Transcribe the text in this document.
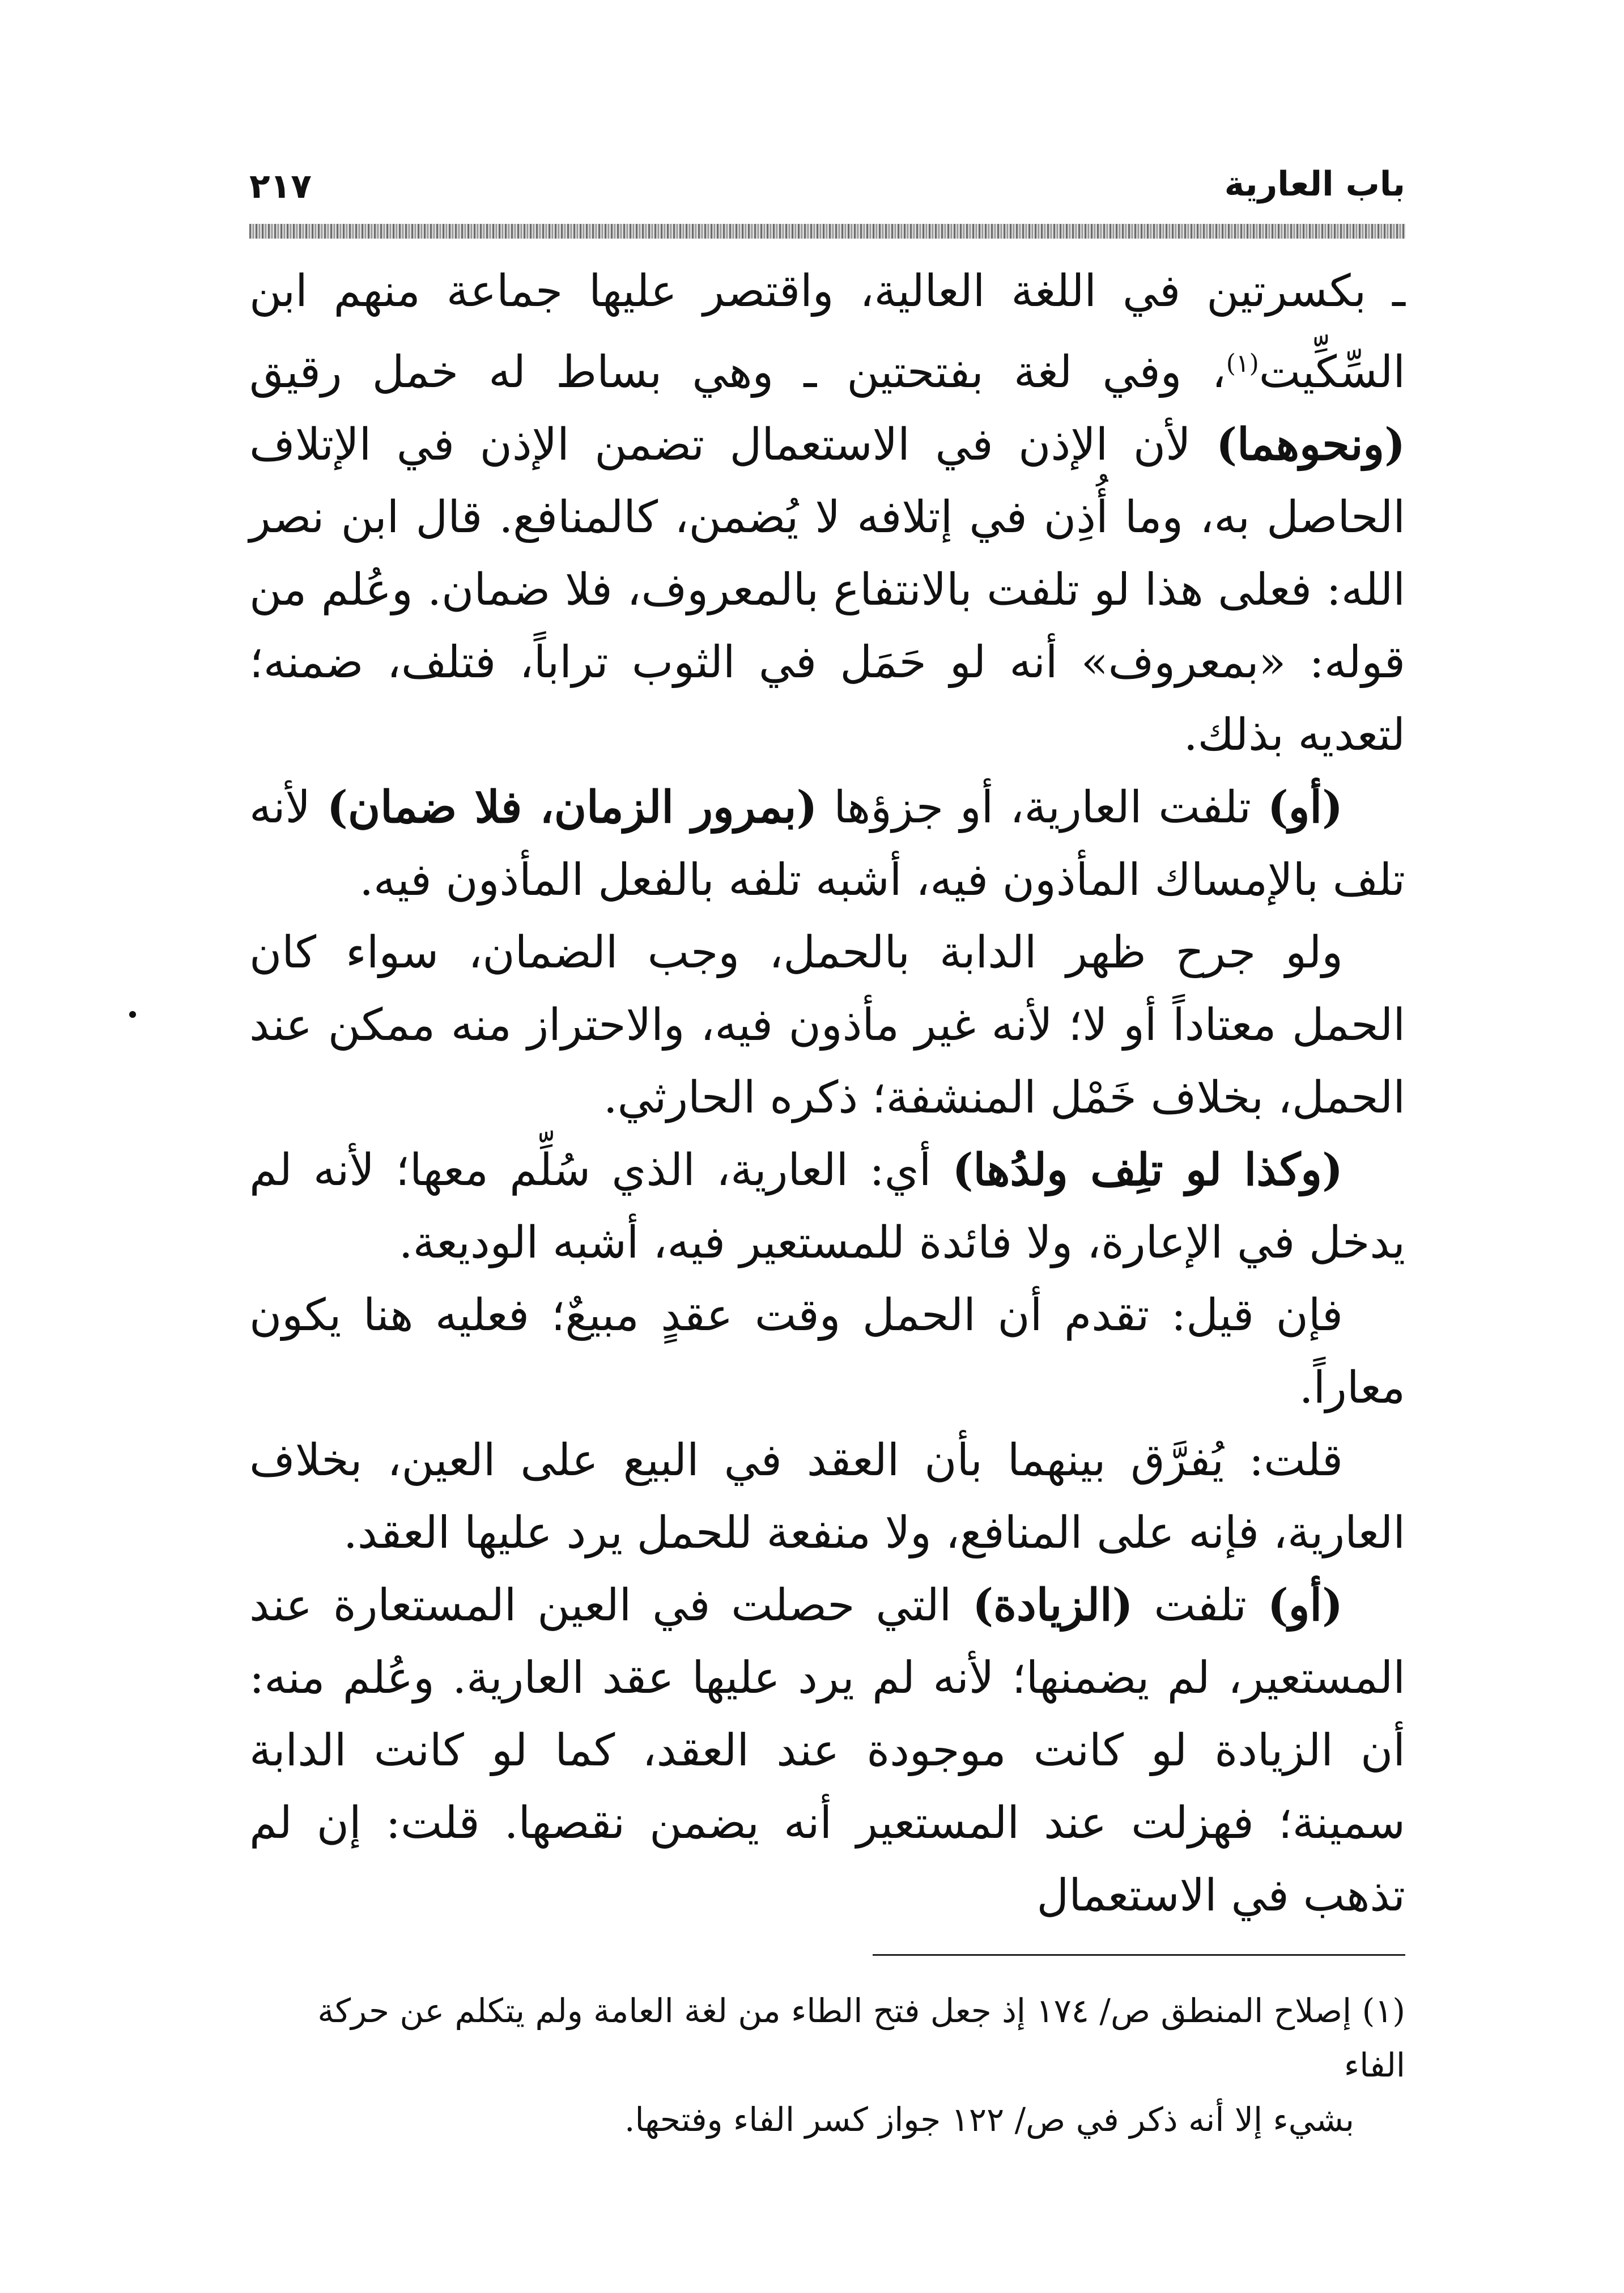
باب العارية
٢١٧

ـ بكسرتين في اللغة العالية، واقتصر عليها جماعة منهم ابن السِّكِّيت$^{(١)}$، وفي لغة بفتحتين ـ وهي بساط له خمل رقيق (ونحوهما) لأن الإذن في الاستعمال تضمن الإذن في الإتلاف الحاصل به، وما أُذِن في إتلافه لا يُضمن، كالمنافع. قال ابن نصر الله: فعلى هذا لو تلفت بالانتفاع بالمعروف، فلا ضمان. وعُلم من قوله: «بمعروف» أنه لو حَمَل في الثوب تراباً، فتلف، ضمنه؛ لتعديه بذلك.

(أو) تلفت العارية، أو جزؤها (بمرور الزمان، فلا ضمان) لأنه تلف بالإمساك المأذون فيه، أشبه تلفه بالفعل المأذون فيه.

ولو جرح ظهر الدابة بالحمل، وجب الضمان، سواء كان الحمل معتاداً أو لا؛ لأنه غير مأذون فيه، والاحتراز منه ممكن عند الحمل، بخلاف خَمْل المنشفة؛ ذكره الحارثي.

(وكذا لو تلِف ولدُها) أي: العارية، الذي سُلِّم معها؛ لأنه لم يدخل في الإعارة، ولا فائدة للمستعير فيه، أشبه الوديعة.

فإن قيل: تقدم أن الحمل وقت عقدٍ مبيعٌ؛ فعليه هنا يكون معاراً.

قلت: يُفرَّق بينهما بأن العقد في البيع على العين، بخلاف العارية، فإنه على المنافع، ولا منفعة للحمل يرد عليها العقد.

(أو) تلفت (الزيادة) التي حصلت في العين المستعارة عند المستعير، لم يضمنها؛ لأنه لم يرد عليها عقد العارية. وعُلم منه: أن الزيادة لو كانت موجودة عند العقد، كما لو كانت الدابة سمينة؛ فهزلت عند المستعير أنه يضمن نقصها. قلت: إن لم تذهب في الاستعمال

(١) إصلاح المنطق ص/ ١٧٤ إذ جعل فتح الطاء من لغة العامة ولم يتكلم عن حركة الفاء

بشيء إلا أنه ذكر في ص/ ١٢٢ جواز كسر الفاء وفتحها.
